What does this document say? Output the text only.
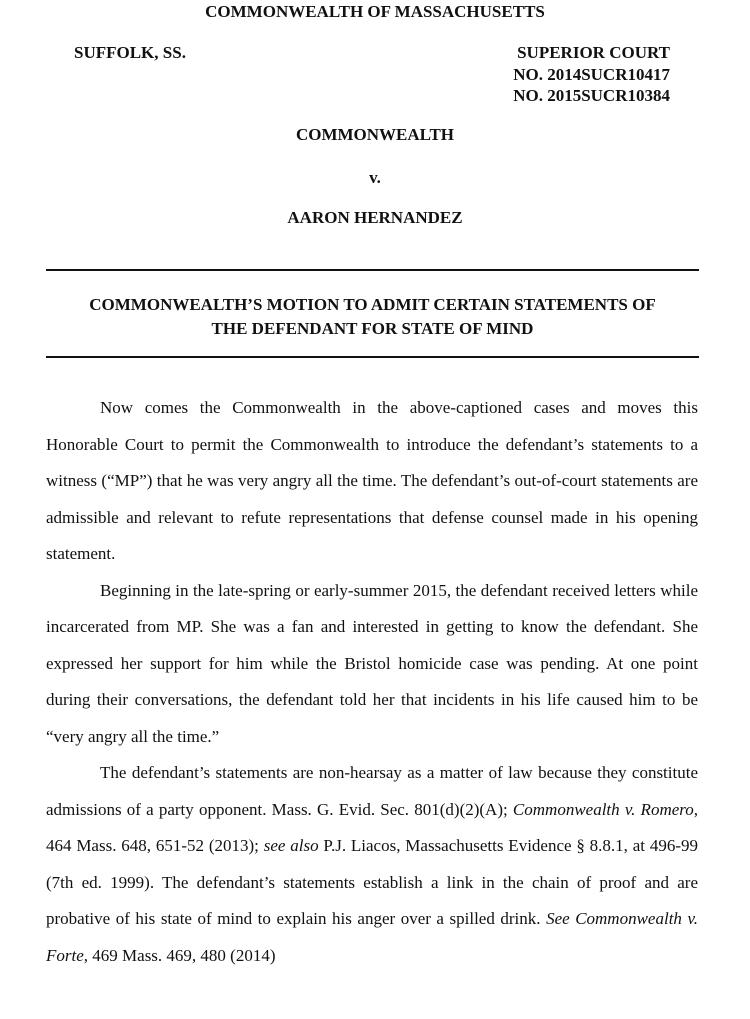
COMMONWEALTH OF MASSACHUSETTS
SUFFOLK, SS.	SUPERIOR COURT
NO. 2014SUCR10417
NO. 2015SUCR10384
COMMONWEALTH
v.
AARON HERNANDEZ
COMMONWEALTH’S MOTION TO ADMIT CERTAIN STATEMENTS OF
THE DEFENDANT FOR STATE OF MIND

Now comes the Commonwealth in the above-captioned cases and moves this Honorable Court to permit the Commonwealth to introduce the defendant’s statements to a witness (“MP”) that he was very angry all the time. The defendant’s out-of-court statements are admissible and relevant to refute representations that defense counsel made in his opening statement.

Beginning in the late-spring or early-summer 2015, the defendant received letters while incarcerated from MP. She was a fan and interested in getting to know the defendant. She expressed her support for him while the Bristol homicide case was pending. At one point during their conversations, the defendant told her that incidents in his life caused him to be “very angry all the time.”

The defendant’s statements are non-hearsay as a matter of law because they constitute admissions of a party opponent. Mass. G. Evid. Sec. 801(d)(2)(A); Commonwealth v. Romero, 464 Mass. 648, 651-52 (2013); see also P.J. Liacos, Massachusetts Evidence § 8.8.1, at 496-99 (7th ed. 1999). The defendant’s statements establish a link in the chain of proof and are probative of his state of mind to explain his anger over a spilled drink. See Commonwealth v. Forte, 469 Mass. 469, 480 (2014)
